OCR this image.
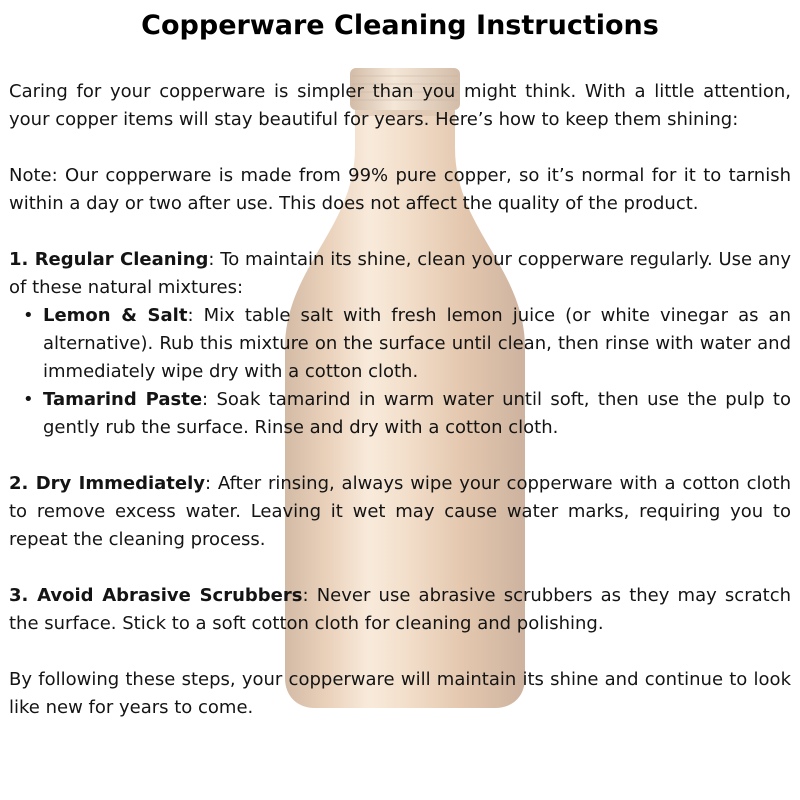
Copperware Cleaning Instructions

Caring for your copperware is simpler than you might think. With a little attention, your copper items will stay beautiful for years. Here’s how to keep them shining:

Note: Our copperware is made from 99% pure copper, so it’s normal for it to tarnish within a day or two after use. This does not affect the quality of the product.

1. Regular Cleaning: To maintain its shine, clean your copperware regularly. Use any of these natural mixtures:

• Lemon & Salt: Mix table salt with fresh lemon juice (or white vinegar as an alternative). Rub this mixture on the surface until clean, then rinse with water and immediately wipe dry with a cotton cloth.
• Tamarind Paste: Soak tamarind in warm water until soft, then use the pulp to gently rub the surface. Rinse and dry with a cotton cloth.

2. Dry Immediately: After rinsing, always wipe your copperware with a cotton cloth to remove excess water. Leaving it wet may cause water marks, requiring you to repeat the cleaning process.

3. Avoid Abrasive Scrubbers: Never use abrasive scrubbers as they may scratch the surface. Stick to a soft cotton cloth for cleaning and polishing.

By following these steps, your copperware will maintain its shine and continue to look like new for years to come.
